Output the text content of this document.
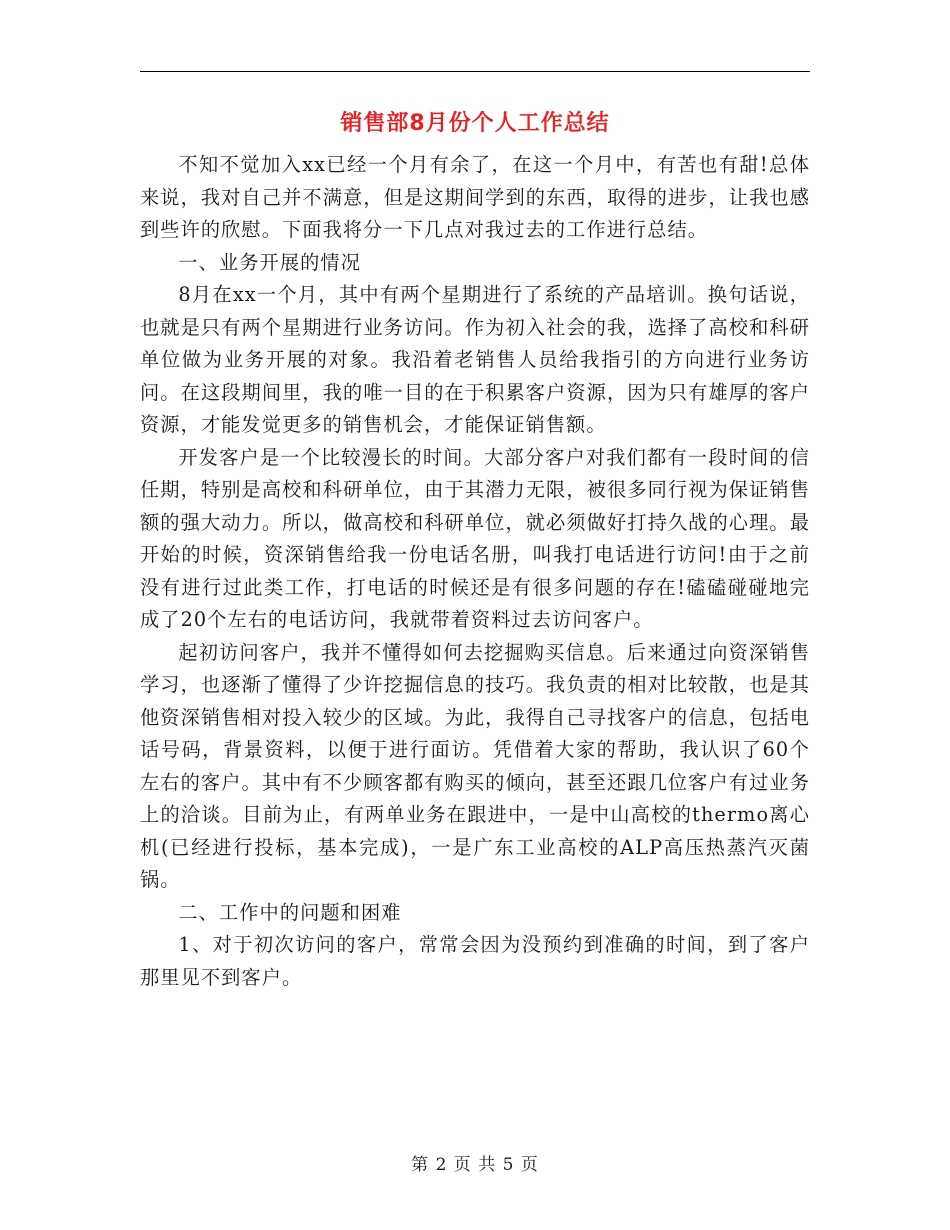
销售部8月份个人工作总结

不知不觉加入xx已经一个月有余了，在这一个月中，有苦也有甜!总体来说，我对自己并不满意，但是这期间学到的东西，取得的进步，让我也感到些许的欣慰。下面我将分一下几点对我过去的工作进行总结。

一、业务开展的情况

8月在xx一个月，其中有两个星期进行了系统的产品培训。换句话说，也就是只有两个星期进行业务访问。作为初入社会的我，选择了高校和科研单位做为业务开展的对象。我沿着老销售人员给我指引的方向进行业务访问。在这段期间里，我的唯一目的在于积累客户资源，因为只有雄厚的客户资源，才能发觉更多的销售机会，才能保证销售额。

开发客户是一个比较漫长的时间。大部分客户对我们都有一段时间的信任期，特别是高校和科研单位，由于其潜力无限，被很多同行视为保证销售额的强大动力。所以，做高校和科研单位，就必须做好打持久战的心理。最开始的时候，资深销售给我一份电话名册，叫我打电话进行访问!由于之前没有进行过此类工作，打电话的时候还是有很多问题的存在!磕磕碰碰地完成了20个左右的电话访问，我就带着资料过去访问客户。

起初访问客户，我并不懂得如何去挖掘购买信息。后来通过向资深销售学习，也逐渐了懂得了少许挖掘信息的技巧。我负责的相对比较散，也是其他资深销售相对投入较少的区域。为此，我得自己寻找客户的信息，包括电话号码，背景资料，以便于进行面访。凭借着大家的帮助，我认识了60个左右的客户。其中有不少顾客都有购买的倾向，甚至还跟几位客户有过业务上的洽谈。目前为止，有两单业务在跟进中，一是中山高校的thermo离心机(已经进行投标，基本完成)，一是广东工业高校的ALP高压热蒸汽灭菌锅。

二、工作中的问题和困难

1、对于初次访问的客户，常常会因为没预约到准确的时间，到了客户那里见不到客户。

第 2 页 共 5 页
